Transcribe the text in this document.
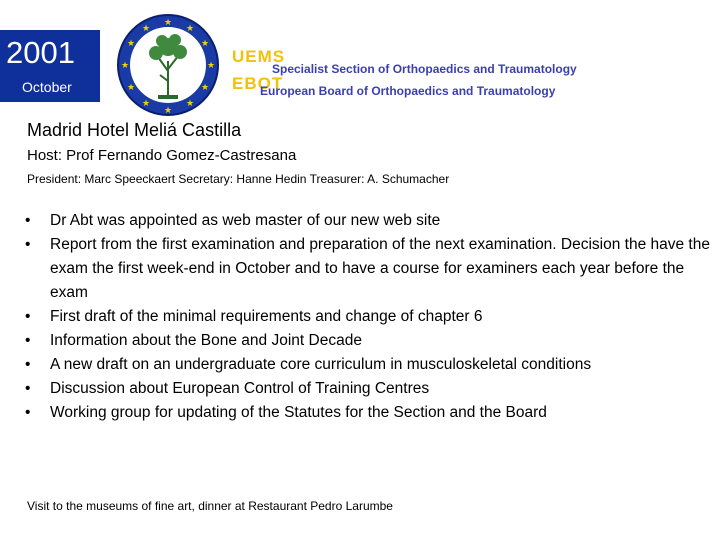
2001
October
★
★
★
★
★
★
★
★
★
★
★
★
UEMS
Specialist Section of Orthopaedics and Traumatology
EBOT
European Board of Orthopaedics and Traumatology
Madrid Hotel Meliá Castilla
Host: Prof Fernando Gomez-Castresana
President: Marc Speeckaert Secretary: Hanne Hedin Treasurer: A. Schumacher
• Dr Abt was appointed as web master of our new web site
• Report from the first examination and preparation of the next examination. Decision the have the exam the first week-end in October and to have a course for examiners each year before the exam
• First draft of the minimal requirements and change of chapter 6
• Information about the Bone and Joint Decade
• A new draft on an undergraduate core curriculum in musculoskeletal conditions
• Discussion about European Control of Training Centres
• Working group for updating of the Statutes for the Section and the Board
Visit to the museums of fine art, dinner at Restaurant Pedro Larumbe
